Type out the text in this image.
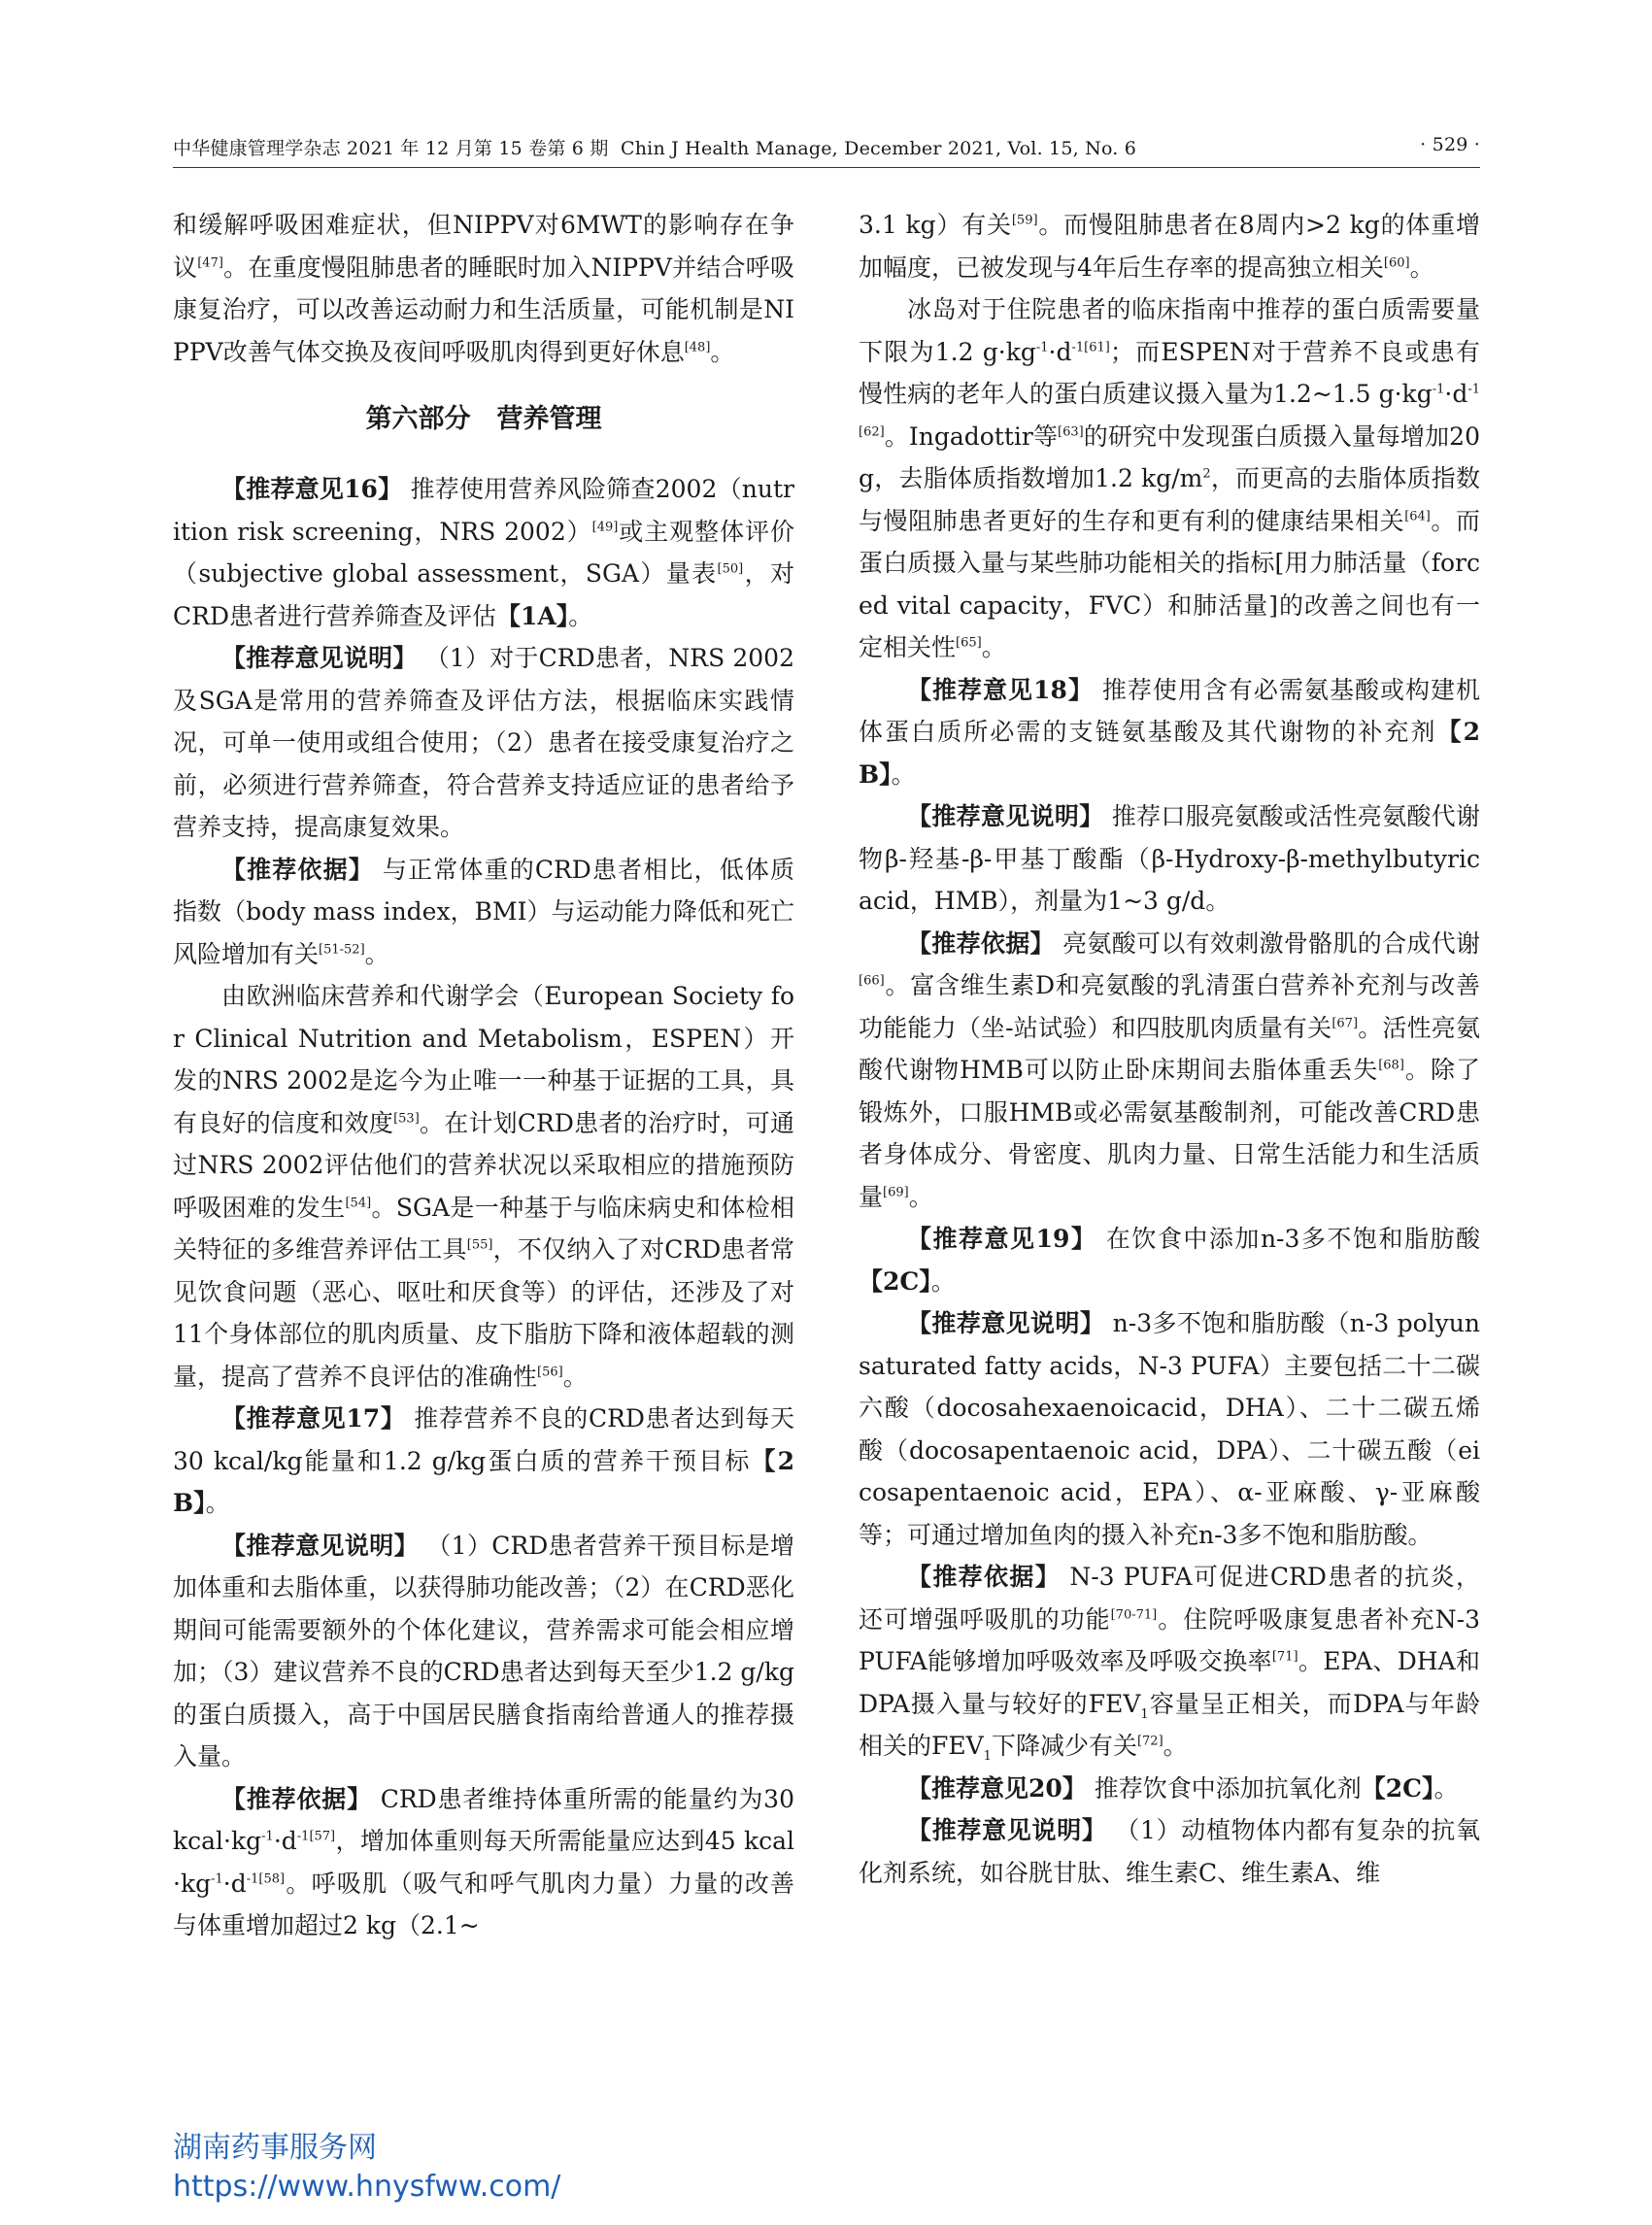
中华健康管理学杂志 2021 年 12 月第 15 卷第 6 期 Chin J Health Manage, December 2021, Vol. 15, No. 6	· 529 ·

和缓解呼吸困难症状，但NIPPV对6MWT的影响存在争议[47]。在重度慢阻肺患者的睡眠时加入NIPPV并结合呼吸康复治疗，可以改善运动耐力和生活质量，可能机制是NIPPV改善气体交换及夜间呼吸肌肉得到更好休息[48]。

第六部分　营养管理

【推荐意见16】 推荐使用营养风险筛查2002（nutrition risk screening，NRS 2002）[49]或主观整体评价（subjective global assessment，SGA）量表[50]，对CRD患者进行营养筛查及评估【1A】。

【推荐意见说明】 （1）对于CRD患者，NRS 2002及SGA是常用的营养筛查及评估方法，根据临床实践情况，可单一使用或组合使用；（2）患者在接受康复治疗之前，必须进行营养筛查，符合营养支持适应证的患者给予营养支持，提高康复效果。

【推荐依据】 与正常体重的CRD患者相比，低体质指数（body mass index，BMI）与运动能力降低和死亡风险增加有关[51-52]。

由欧洲临床营养和代谢学会（European Society for Clinical Nutrition and Metabolism，ESPEN）开发的NRS 2002是迄今为止唯一一种基于证据的工具，具有良好的信度和效度[53]。在计划CRD患者的治疗时，可通过NRS 2002评估他们的营养状况以采取相应的措施预防呼吸困难的发生[54]。SGA是一种基于与临床病史和体检相关特征的多维营养评估工具[55]，不仅纳入了对CRD患者常见饮食问题（恶心、呕吐和厌食等）的评估，还涉及了对11个身体部位的肌肉质量、皮下脂肪下降和液体超载的测量，提高了营养不良评估的准确性[56]。

【推荐意见17】 推荐营养不良的CRD患者达到每天30 kcal/kg能量和1.2 g/kg蛋白质的营养干预目标【2B】。

【推荐意见说明】 （1）CRD患者营养干预目标是增加体重和去脂体重，以获得肺功能改善；（2）在CRD恶化期间可能需要额外的个体化建议，营养需求可能会相应增加；（3）建议营养不良的CRD患者达到每天至少1.2 g/kg的蛋白质摄入，高于中国居民膳食指南给普通人的推荐摄入量。

【推荐依据】 CRD患者维持体重所需的能量约为30 $kcal\cdot kg^{-1}\cdot d^{-1[57]}$，增加体重则每天所需能量应达到45 $kcal\cdot kg^{-1}\cdot d^{-1[58]}$。呼吸肌（吸气和呼气肌肉力量）力量的改善与体重增加超过2 kg（2.1~

3.1 kg）有关[59]。而慢阻肺患者在8周内>2 kg的体重增加幅度，已被发现与4年后生存率的提高独立相关[60]。

冰岛对于住院患者的临床指南中推荐的蛋白质需要量下限为1.2 $g\cdot kg^{-1}\cdot d^{-1[61]}$；而ESPEN对于营养不良或患有慢性病的老年人的蛋白质建议摄入量为1.2~1.5 $g\cdot kg^{-1}\cdot d^{-1[62]}$。Ingadottir等[63]的研究中发现蛋白质摄入量每增加20g，去脂体质指数增加1.2 $kg/m^2$，而更高的去脂体质指数与慢阻肺患者更好的生存和更有利的健康结果相关[64]。而蛋白质摄入量与某些肺功能相关的指标[用力肺活量（forced vital capacity，FVC）和肺活量]的改善之间也有一定相关性[65]。

【推荐意见18】 推荐使用含有必需氨基酸或构建机体蛋白质所必需的支链氨基酸及其代谢物的补充剂【2B】。

【推荐意见说明】 推荐口服亮氨酸或活性亮氨酸代谢物β-羟基-β-甲基丁酸酯（β-Hydroxy-β-methylbutyric acid，HMB），剂量为1~3 g/d。

【推荐依据】 亮氨酸可以有效刺激骨骼肌的合成代谢[66]。富含维生素D和亮氨酸的乳清蛋白营养补充剂与改善功能能力（坐-站试验）和四肢肌肉质量有关[67]。活性亮氨酸代谢物HMB可以防止卧床期间去脂体重丢失[68]。除了锻炼外，口服HMB或必需氨基酸制剂，可能改善CRD患者身体成分、骨密度、肌肉力量、日常生活能力和生活质量[69]。

【推荐意见19】 在饮食中添加n-3多不饱和脂肪酸【2C】。

【推荐意见说明】 n-3多不饱和脂肪酸（n-3 polyunsaturated fatty acids，N-3 PUFA）主要包括二十二碳六酸（docosahexaenoicacid，DHA）、二十二碳五烯酸（docosapentaenoic acid，DPA）、二十碳五酸（eicosapentaenoic acid，EPA）、α-亚麻酸、γ-亚麻酸等；可通过增加鱼肉的摄入补充n-3多不饱和脂肪酸。

【推荐依据】 N-3 PUFA可促进CRD患者的抗炎，还可增强呼吸肌的功能[70-71]。住院呼吸康复患者补充N-3 PUFA能够增加呼吸效率及呼吸交换率[71]。EPA、DHA和DPA摄入量与较好的$FEV_1$容量呈正相关，而DPA与年龄相关的$FEV_1$下降减少有关[72]。

【推荐意见20】 推荐饮食中添加抗氧化剂【2C】。

【推荐意见说明】 （1）动植物体内都有复杂的抗氧化剂系统，如谷胱甘肽、维生素C、维生素A、维

湖南药事服务网
https://www.hnysfww.com/
